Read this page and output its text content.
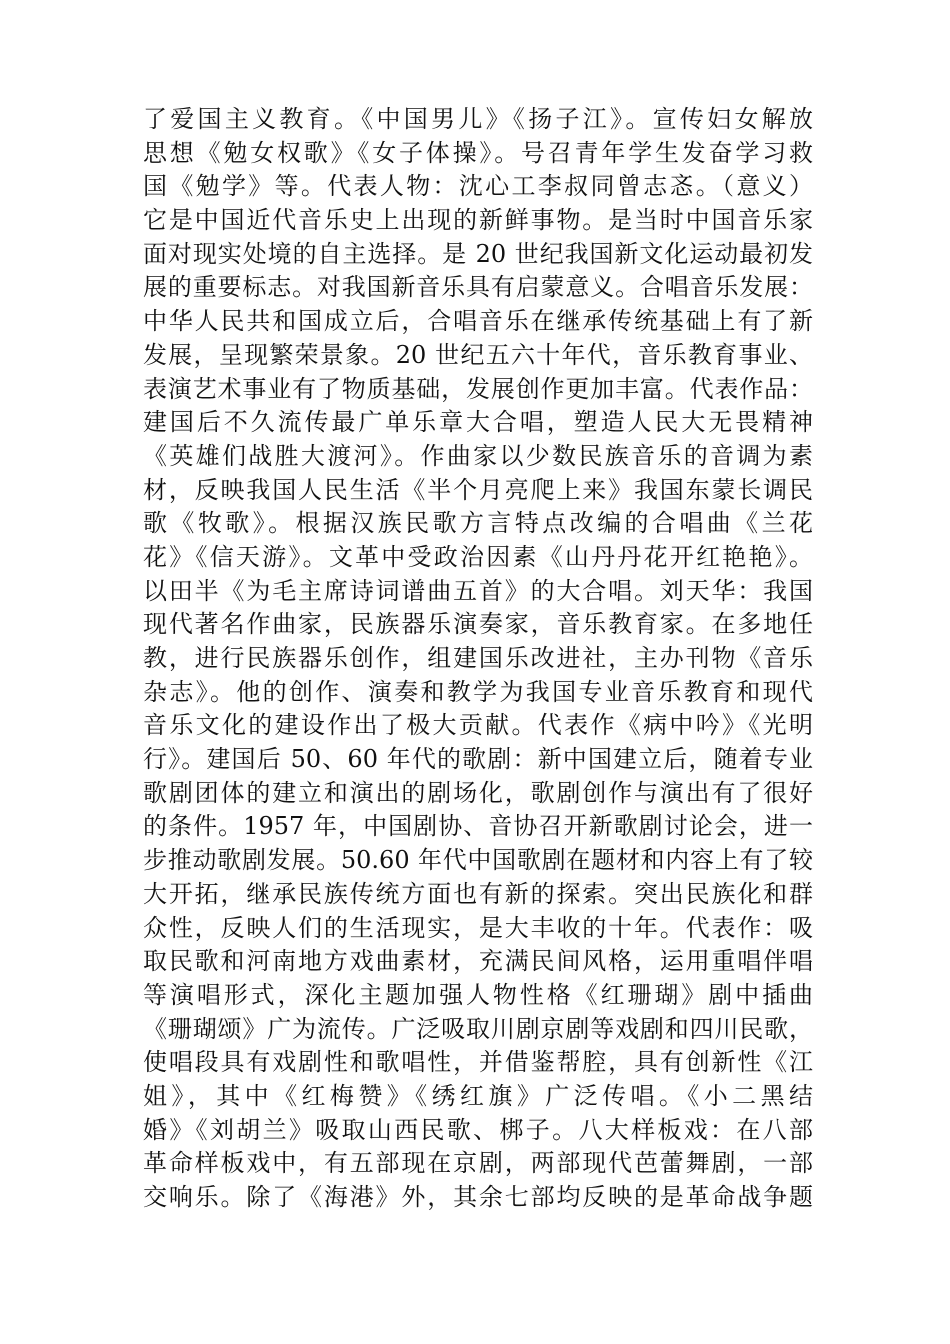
了爱国主义教育。《中国男儿》《扬子江》。宣传妇女解放
思想《勉女权歌》《女子体操》。号召青年学生发奋学习救
国《勉学》等。代表人物：沈心工李叔同曾志忞。（意义）
它是中国近代音乐史上出现的新鲜事物。是当时中国音乐家
面对现实处境的自主选择。是 20 世纪我国新文化运动最初发
展的重要标志。对我国新音乐具有启蒙意义。合唱音乐发展：
中华人民共和国成立后，合唱音乐在继承传统基础上有了新
发展，呈现繁荣景象。20 世纪五六十年代，音乐教育事业、
表演艺术事业有了物质基础，发展创作更加丰富。代表作品：
建国后不久流传最广单乐章大合唱，塑造人民大无畏精神
《英雄们战胜大渡河》。作曲家以少数民族音乐的音调为素
材，反映我国人民生活《半个月亮爬上来》我国东蒙长调民
歌《牧歌》。根据汉族民歌方言特点改编的合唱曲《兰花
花》《信天游》。文革中受政治因素《山丹丹花开红艳艳》。
以田半《为毛主席诗词谱曲五首》的大合唱。刘天华：我国
现代著名作曲家，民族器乐演奏家，音乐教育家。在多地任
教，进行民族器乐创作，组建国乐改进社，主办刊物《音乐
杂志》。他的创作、演奏和教学为我国专业音乐教育和现代
音乐文化的建设作出了极大贡献。代表作《病中吟》《光明
行》。建国后 50、60 年代的歌剧：新中国建立后，随着专业
歌剧团体的建立和演出的剧场化，歌剧创作与演出有了很好
的条件。1957 年，中国剧协、音协召开新歌剧讨论会，进一
步推动歌剧发展。50.60 年代中国歌剧在题材和内容上有了较
大开拓，继承民族传统方面也有新的探索。突出民族化和群
众性，反映人们的生活现实，是大丰收的十年。代表作：吸
取民歌和河南地方戏曲素材，充满民间风格，运用重唱伴唱
等演唱形式，深化主题加强人物性格《红珊瑚》剧中插曲
《珊瑚颂》广为流传。广泛吸取川剧京剧等戏剧和四川民歌，
使唱段具有戏剧性和歌唱性，并借鉴帮腔，具有创新性《江
姐》，其中《红梅赞》《绣红旗》广泛传唱。《小二黑结
婚》《刘胡兰》吸取山西民歌、梆子。八大样板戏：在八部
革命样板戏中，有五部现在京剧，两部现代芭蕾舞剧，一部
交响乐。除了《海港》外，其余七部均反映的是革命战争题
